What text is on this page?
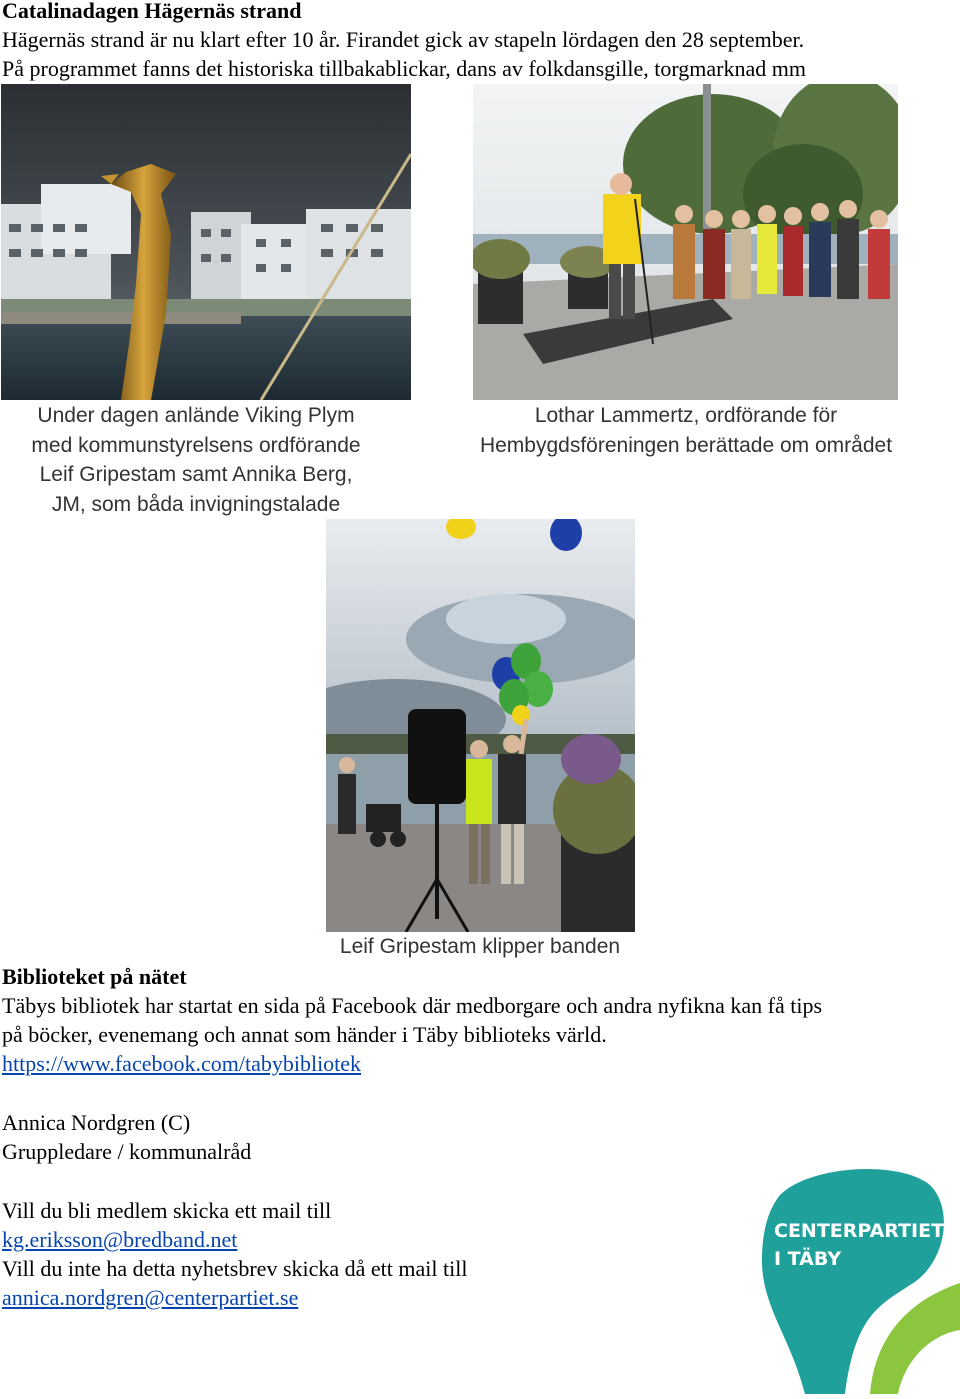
Catalinadagen Hägernäs strand
Hägernäs strand är nu klart efter 10 år. Firandet gick av stapeln lördagen den 28 september.
På programmet fanns det historiska tillbakablickar, dans av folkdansgille, torgmarknad mm
Under dagen anlände Viking Plym
med kommunstyrelsens ordförande
Leif Gripestam samt Annika Berg,
JM, som båda invigningstalade
Lothar Lammertz, ordförande för
Hembygdsföreningen berättade om området
Leif Gripestam klipper banden
Biblioteket på nätet
Täbys bibliotek har startat en sida på Facebook där medborgare och andra nyfikna kan få tips
på böcker, evenemang och annat som händer i Täby biblioteks värld.
https://www.facebook.com/tabybibliotek
Annica Nordgren (C)
Gruppledare / kommunalråd
Vill du bli medlem skicka ett mail till
kg.eriksson@bredband.net
Vill du inte ha detta nyhetsbrev skicka då ett mail till
annica.nordgren@centerpartiet.se
CENTERPARTIET
I TÄBY
